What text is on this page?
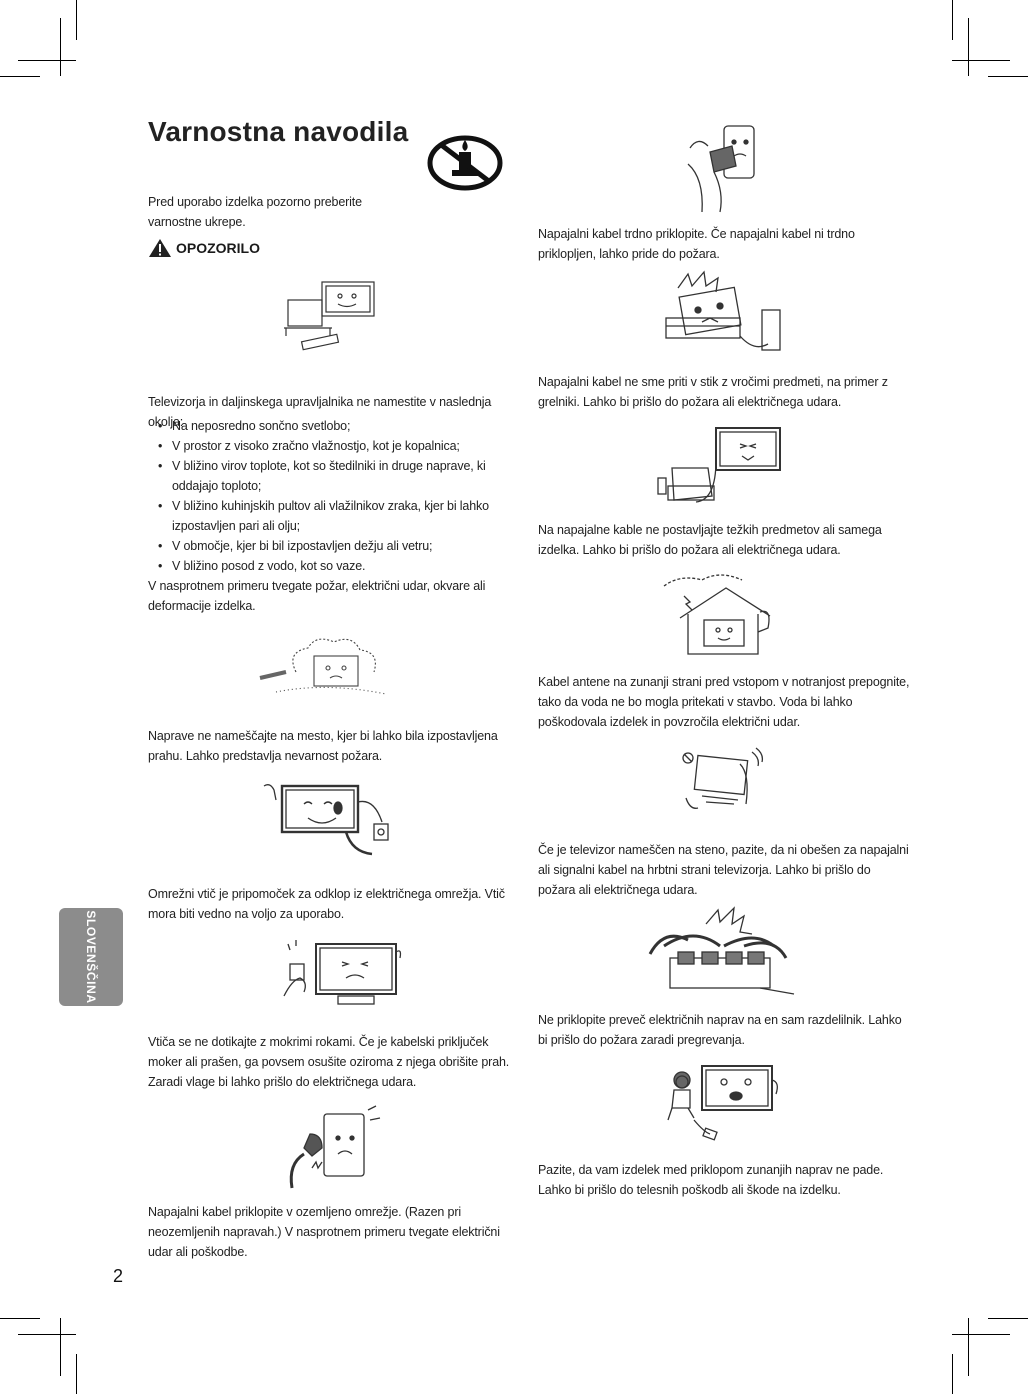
Varnostna navodila

Pred uporabo izdelka pozorno preberite varnostne ukrepe.

OPOZORILO

Televizorja in daljinskega upravljalnika ne namestite v naslednja okolja:

• Na neposredno sončno svetlobo;
• V prostor z visoko zračno vlažnostjo, kot je kopalnica;
• V bližino virov toplote, kot so štedilniki in druge naprave, ki oddajajo toploto;
• V bližino kuhinjskih pultov ali vlažilnikov zraka, kjer bi lahko izpostavljen pari ali olju;
• V območje, kjer bi bil izpostavljen dežju ali vetru;
• V bližino posod z vodo, kot so vaze.

V nasprotnem primeru tvegate požar, električni udar, okvare ali deformacije izdelka.

Naprave ne nameščajte na mesto, kjer bi lahko bila izpostavljena prahu. Lahko predstavlja nevarnost požara.

Omrežni vtič je pripomoček za odklop iz električnega omrežja. Vtič mora biti vedno na voljo za uporabo.

Vtiča se ne dotikajte z mokrimi rokami. Če je kabelski priključek moker ali prašen, ga povsem osušite oziroma z njega obrišite prah. Zaradi vlage bi lahko prišlo do električnega udara.

Napajalni kabel priklopite v ozemljeno omrežje. (Razen pri neozemljenih napravah.) V nasprotnem primeru tvegate električni udar ali poškodbe.

Napajalni kabel trdno priklopite. Če napajalni kabel ni trdno priklopljen, lahko pride do požara.

Napajalni kabel ne sme priti v stik z vročimi predmeti, na primer z grelniki. Lahko bi prišlo do požara ali električnega udara.

Na napajalne kable ne postavljajte težkih predmetov ali samega izdelka. Lahko bi prišlo do požara ali električnega udara.

Kabel antene na zunanji strani pred vstopom v notranjost prepognite, tako da voda ne bo mogla pritekati v stavbo. Voda bi lahko poškodovala izdelek in povzročila električni udar.

Če je televizor nameščen na steno, pazite, da ni obešen za napajalni ali signalni kabel na hrbtni strani televizorja. Lahko bi prišlo do požara ali električnega udara.

Ne priklopite preveč električnih naprav na en sam razdelilnik. Lahko bi prišlo do požara zaradi pregrevanja.

Pazite, da vam izdelek med priklopom zunanjih naprav ne pade. Lahko bi prišlo do telesnih poškodb ali škode na izdelku.

SLOVENŠČINA
2
